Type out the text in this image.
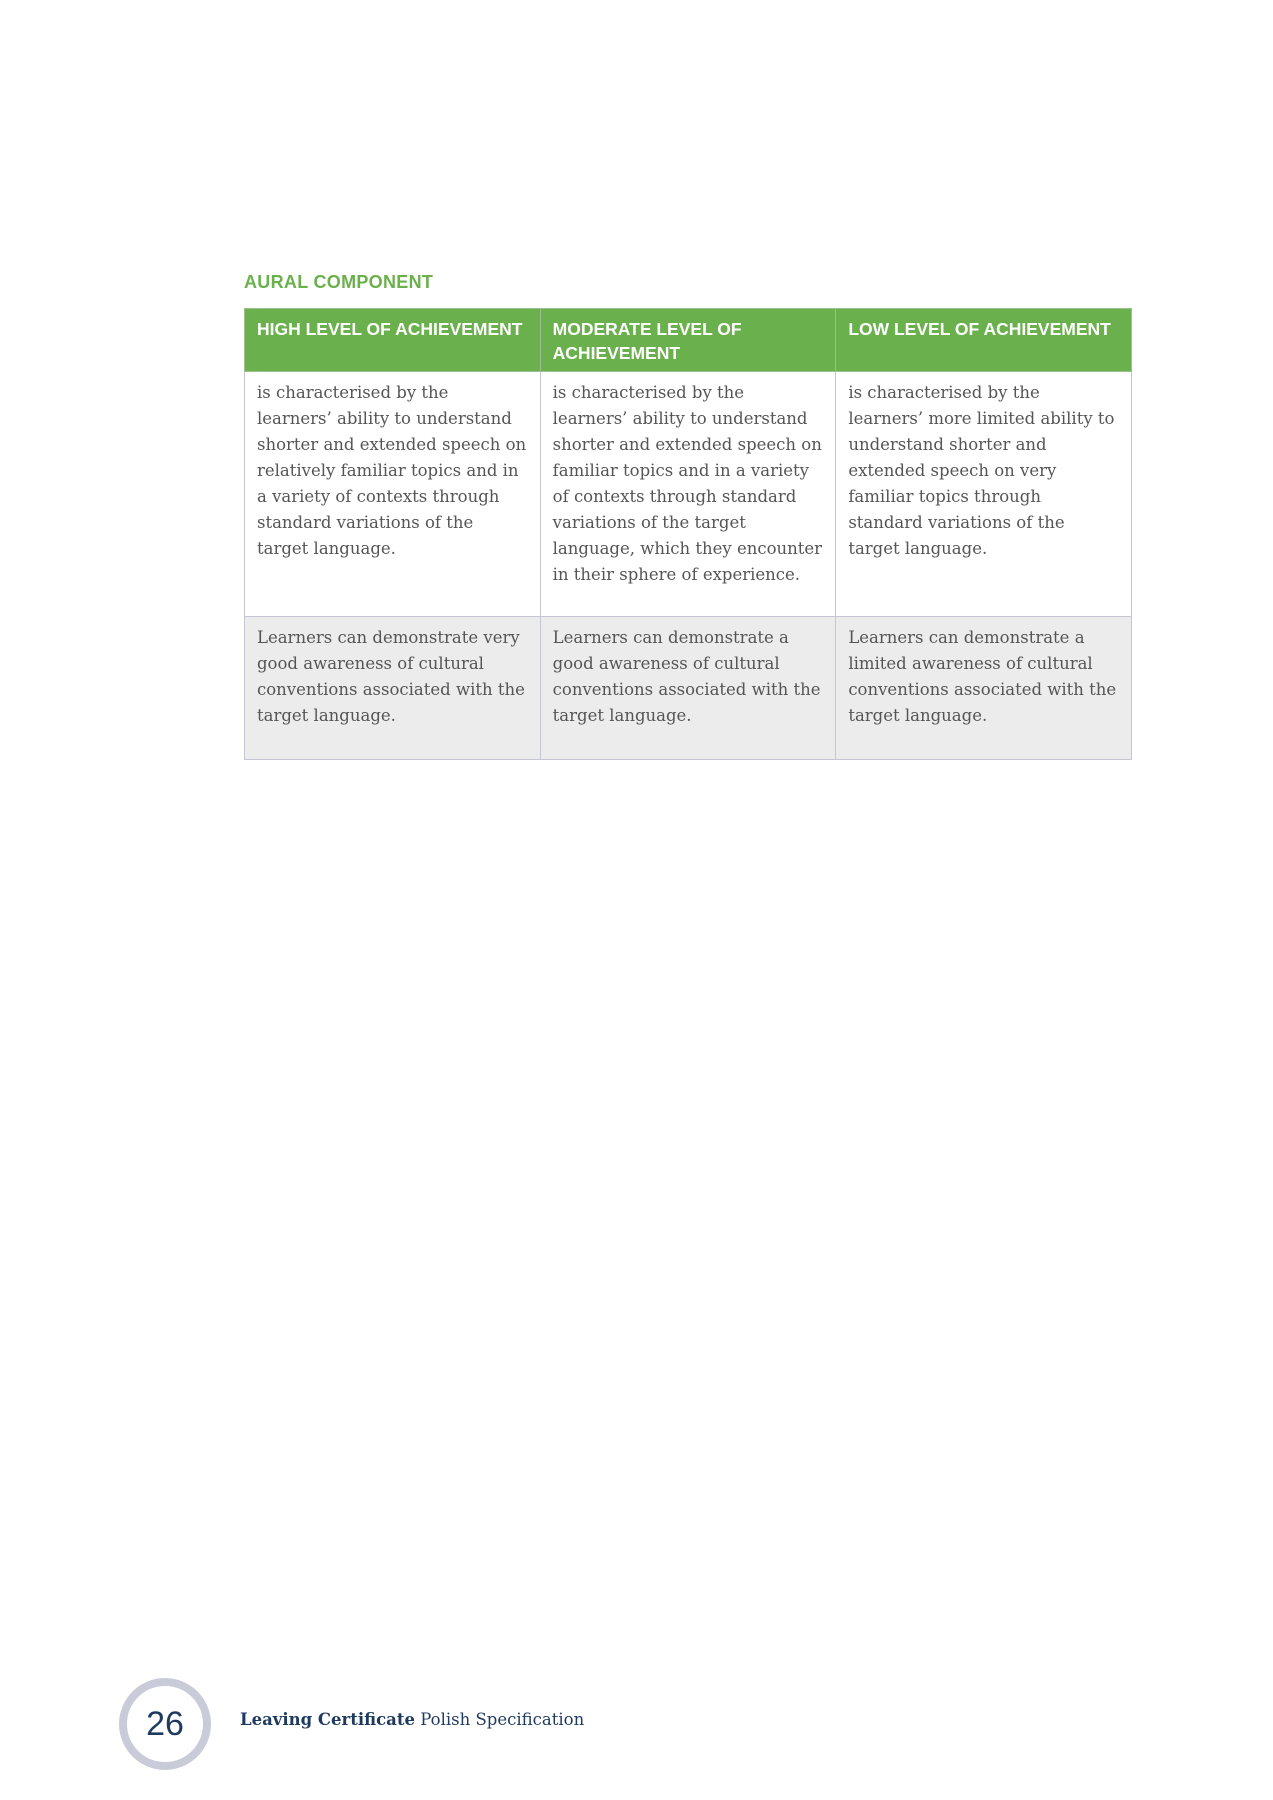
AURAL COMPONENT
HIGH LEVEL OF ACHIEVEMENT	MODERATE LEVEL OF ACHIEVEMENT	LOW LEVEL OF ACHIEVEMENT
is characterised by the learners’ ability to understand shorter and extended speech on relatively familiar topics and in a variety of contexts through standard variations of the target language.	is characterised by the learners’ ability to understand shorter and extended speech on familiar topics and in a variety of contexts through standard variations of the target language, which they encounter in their sphere of experience.	is characterised by the learners’ more limited ability to understand shorter and extended speech on very familiar topics through standard variations of the target language.
Learners can demonstrate very good awareness of cultural conventions associated with the target language.	Learners can demonstrate a good awareness of cultural conventions associated with the target language.	Learners can demonstrate a limited awareness of cultural conventions associated with the target language.
26	Leaving Certificate Polish Specification
